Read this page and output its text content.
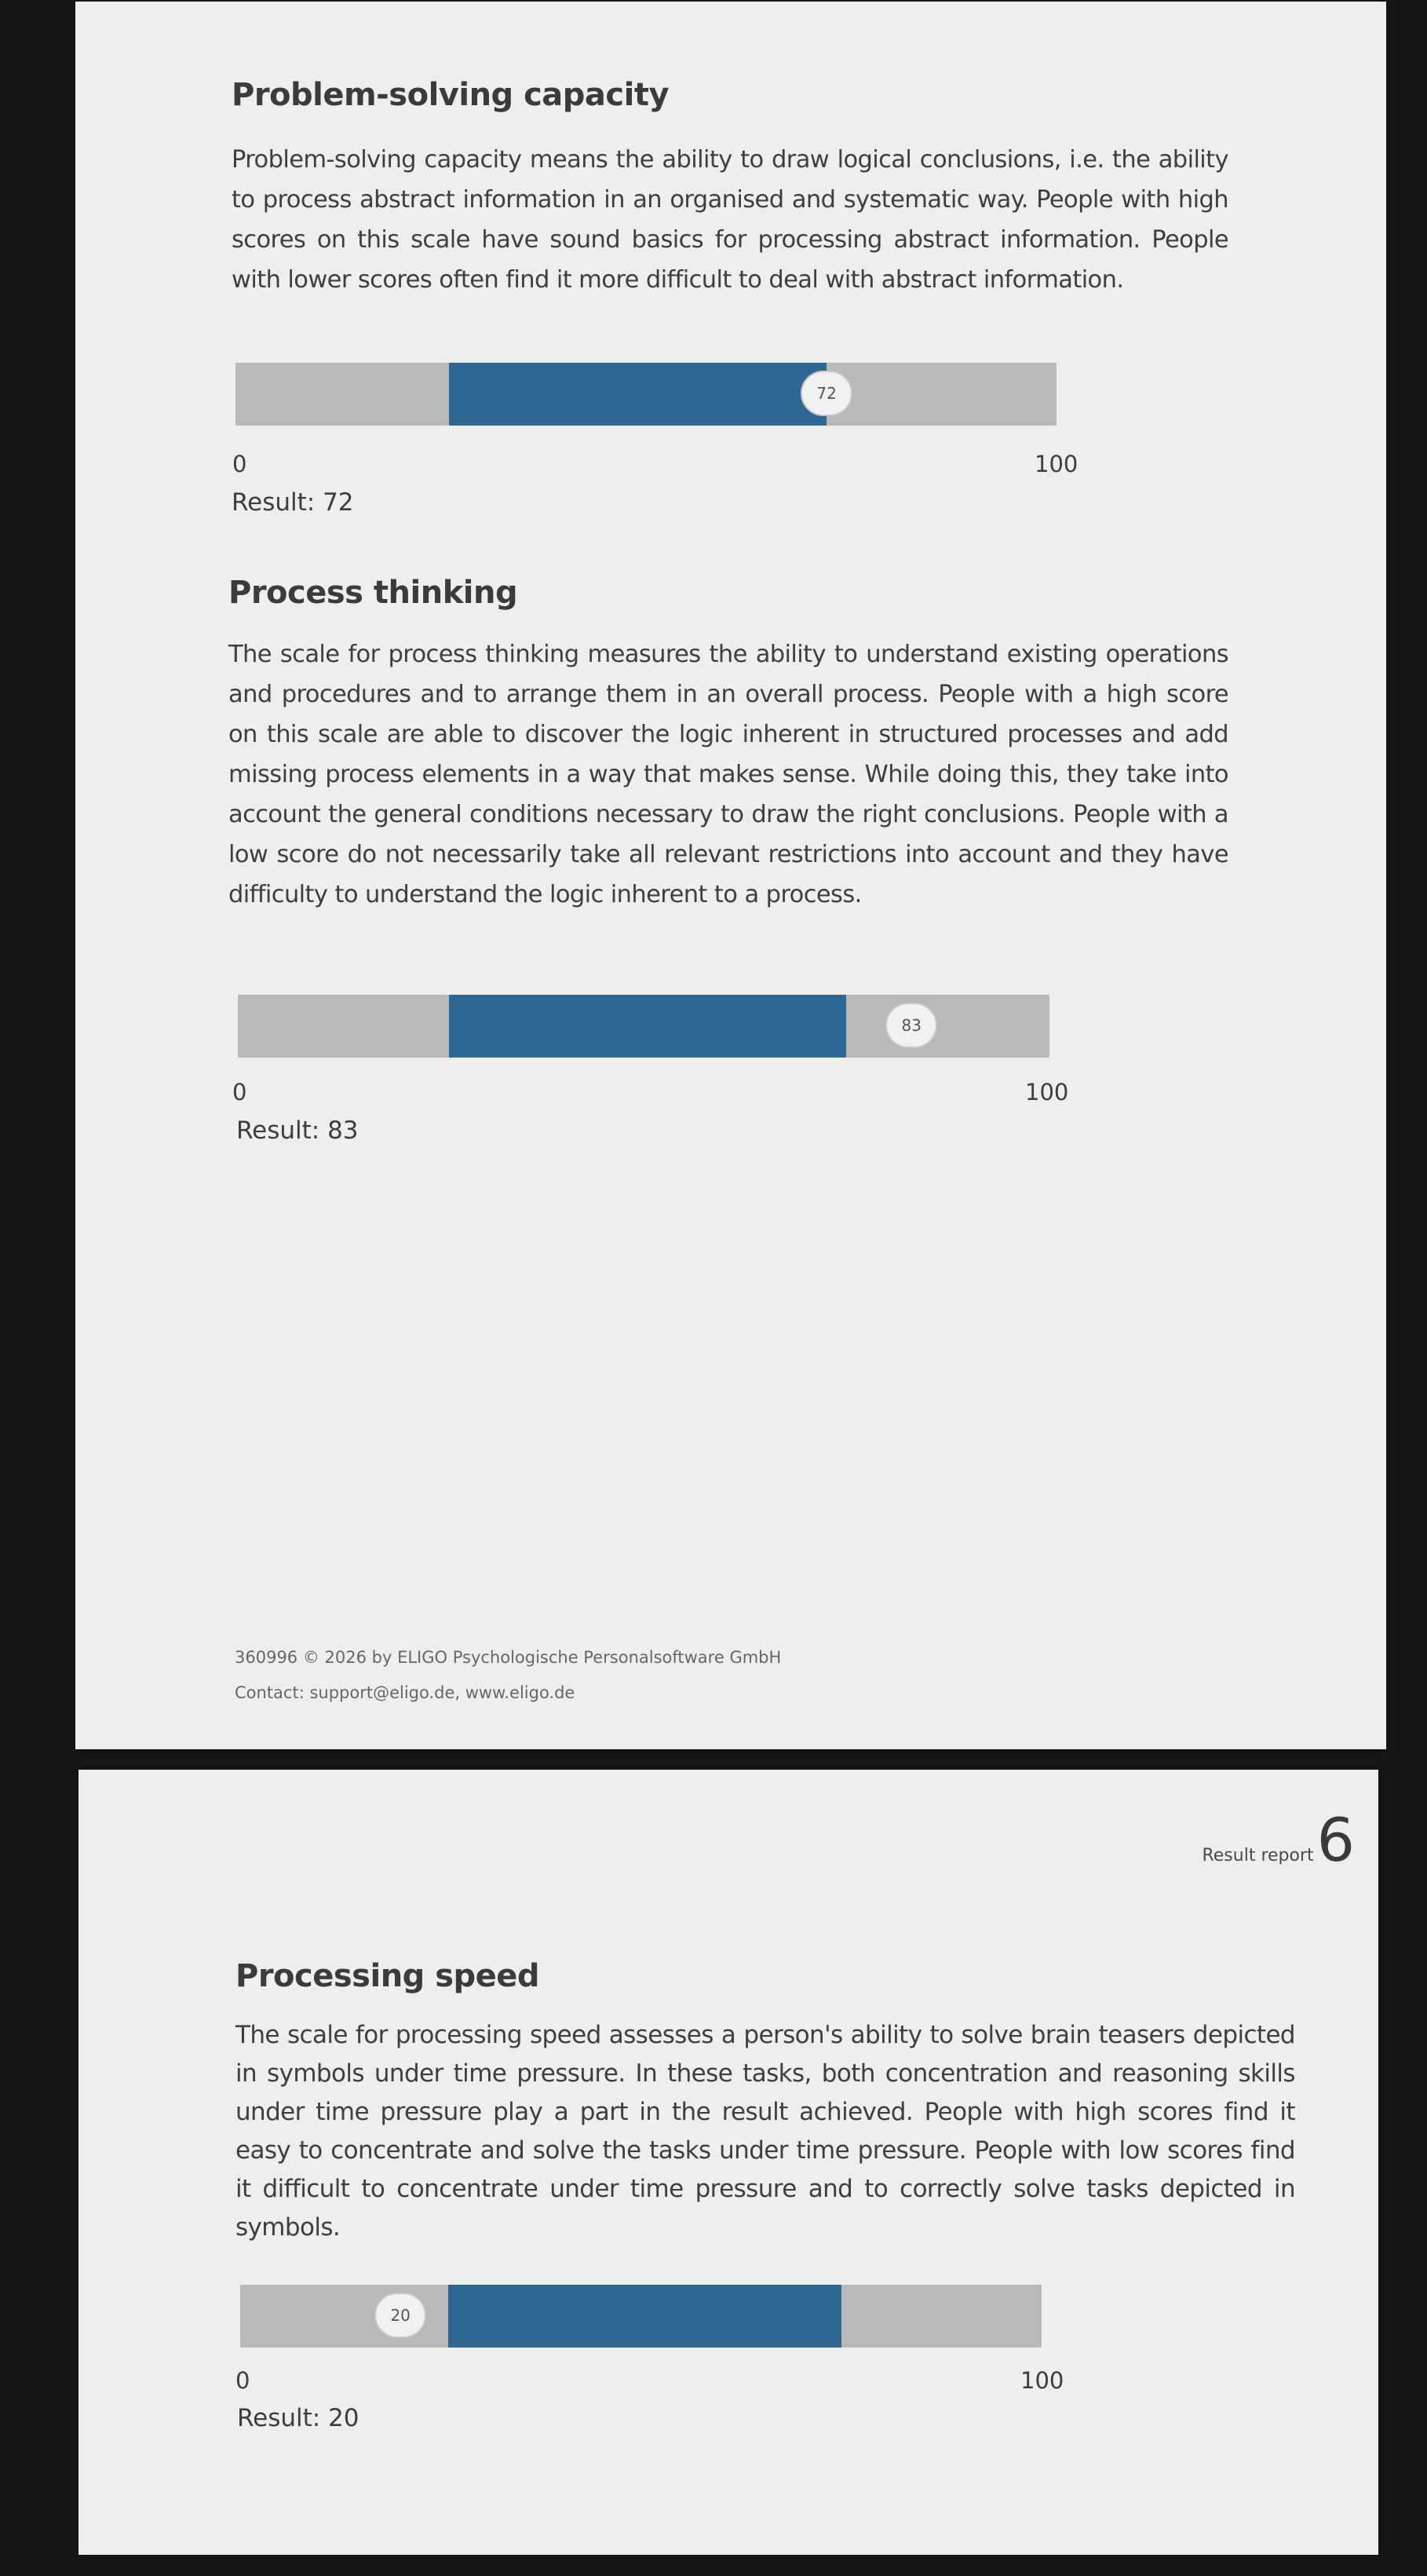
Problem-solving capacity

Problem-solving capacity means the ability to draw logical conclusions, i.e. the ability to process abstract information in an organised and systematic way. People with high scores on this scale have sound basics for processing abstract information. People with lower scores often find it more difficult to deal with abstract information.

72
0	100
Result: 72
Process thinking

The scale for process thinking measures the ability to understand existing operations and procedures and to arrange them in an overall process. People with a high score on this scale are able to discover the logic inherent in structured processes and add missing process elements in a way that makes sense. While doing this, they take into account the general conditions necessary to draw the right conclusions. People with a low score do not necessarily take all relevant restrictions into account and they have difficulty to understand the logic inherent to a process.

83
0	100
Result: 83
360996 © 2026 by ELIGO Psychologische Personalsoftware GmbH
Contact: support@eligo.de, www.eligo.de
Result report6
Processing speed

The scale for processing speed assesses a person's ability to solve brain teasers depicted in symbols under time pressure. In these tasks, both concentration and reasoning skills under time pressure play a part in the result achieved. People with high scores find it easy to concentrate and solve the tasks under time pressure. People with low scores find it difficult to concentrate under time pressure and to correctly solve tasks depicted in symbols.

20
0	100
Result: 20
